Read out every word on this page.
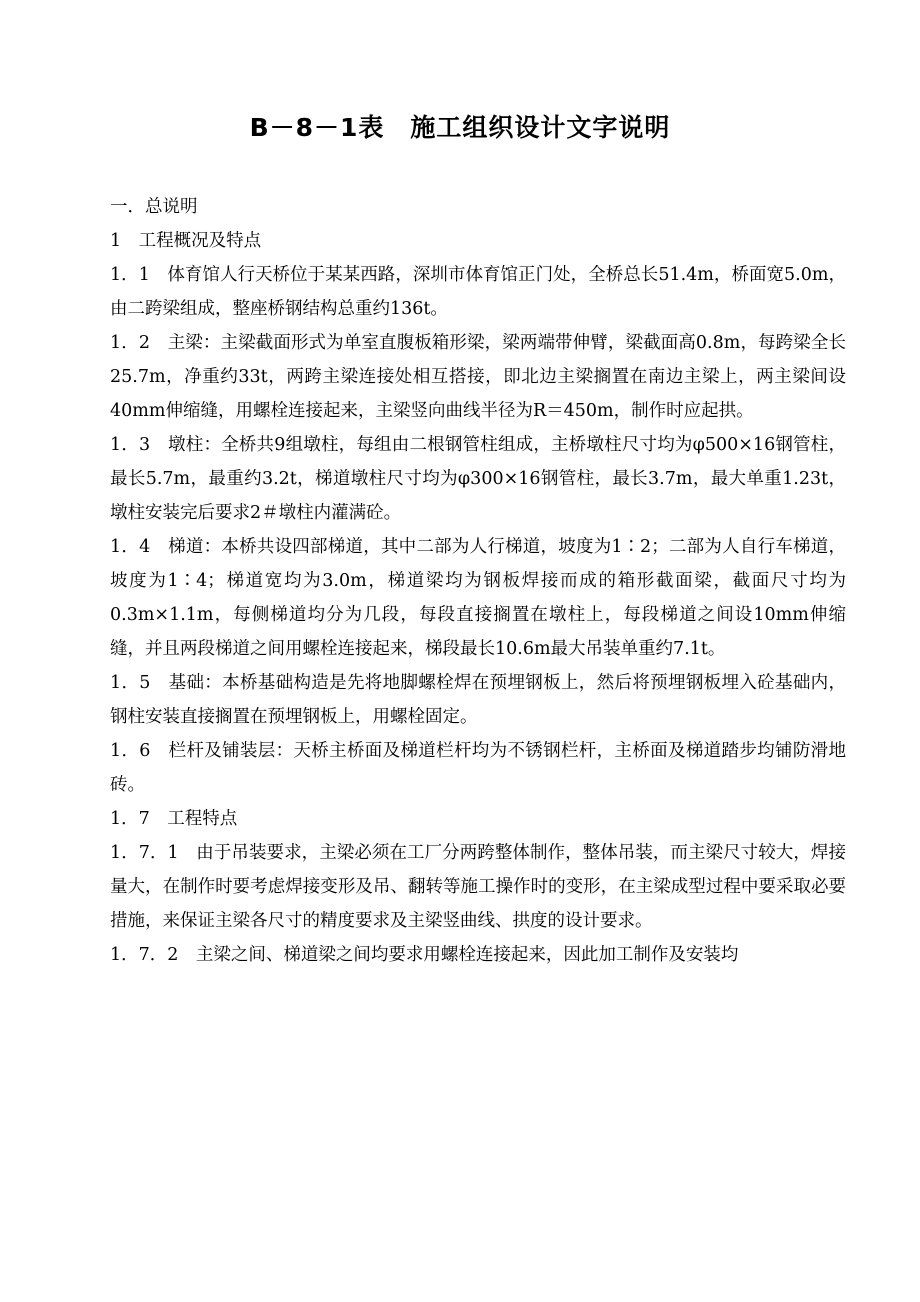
B－8－1表　施工组织设计文字说明

一．总说明

1　工程概况及特点

1．1　体育馆人行天桥位于某某西路，深圳市体育馆正门处，全桥总长51.4m，桥面宽5.0m，由二跨梁组成，整座桥钢结构总重约136t。

1．2　主梁：主梁截面形式为单室直腹板箱形梁，梁两端带伸臂，梁截面高0.8m，每跨梁全长25.7m，净重约33t，两跨主梁连接处相互搭接，即北边主梁搁置在南边主梁上，两主梁间设40mm伸缩缝，用螺栓连接起来，主梁竖向曲线半径为R＝450m，制作时应起拱。

1．3　墩柱：全桥共9组墩柱，每组由二根钢管柱组成，主桥墩柱尺寸均为φ500×16钢管柱，最长5.7m，最重约3.2t，梯道墩柱尺寸均为φ300×16钢管柱，最长3.7m，最大单重1.23t，墩柱安装完后要求2＃墩柱内灌满砼。

1．4　梯道：本桥共设四部梯道，其中二部为人行梯道，坡度为1∶2；二部为人自行车梯道，坡度为1∶4；梯道宽均为3.0m，梯道梁均为钢板焊接而成的箱形截面梁，截面尺寸均为0.3m×1.1m，每侧梯道均分为几段，每段直接搁置在墩柱上，每段梯道之间设10mm伸缩缝，并且两段梯道之间用螺栓连接起来，梯段最长10.6m最大吊装单重约7.1t。

1．5　基础：本桥基础构造是先将地脚螺栓焊在预埋钢板上，然后将预埋钢板埋入砼基础内，钢柱安装直接搁置在预埋钢板上，用螺栓固定。

1．6　栏杆及铺装层：天桥主桥面及梯道栏杆均为不锈钢栏杆，主桥面及梯道踏步均铺防滑地砖。

1．7　工程特点

1．7．1　由于吊装要求，主梁必须在工厂分两跨整体制作，整体吊装，而主梁尺寸较大，焊接量大，在制作时要考虑焊接变形及吊、翻转等施工操作时的变形，在主梁成型过程中要采取必要措施，来保证主梁各尺寸的精度要求及主梁竖曲线、拱度的设计要求。

1．7．2　主梁之间、梯道梁之间均要求用螺栓连接起来，因此加工制作及安装均
